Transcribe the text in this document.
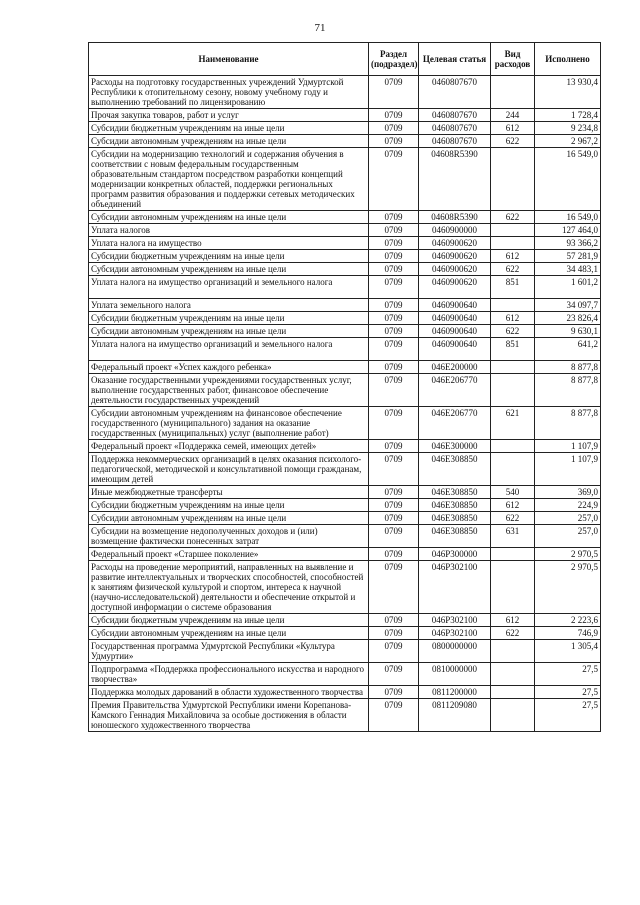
71
Наименование	Раздел (подраздел)	Целевая статья	Вид расходов	Исполнено
Расходы на подготовку государственных учреждений Удмуртской Республики к отопительному сезону, новому учебному году и выполнению требований по лицензированию	0709	0460807670		13 930,4
Прочая закупка товаров, работ и услуг	0709	0460807670	244	1 728,4
Субсидии бюджетным учреждениям на иные цели	0709	0460807670	612	9 234,8
Субсидии автономным учреждениям на иные цели	0709	0460807670	622	2 967,2
Субсидии на модернизацию технологий и содержания обучения в соответствии с новым федеральным государственным образовательным стандартом посредством разработки концепций модернизации конкретных областей, поддержки региональных программ развития образования и поддержки сетевых методических объединений	0709	04608R5390		16 549,0
Субсидии автономным учреждениям на иные цели	0709	04608R5390	622	16 549,0
Уплата налогов	0709	0460900000		127 464,0
Уплата налога на имущество	0709	0460900620		93 366,2
Субсидии бюджетным учреждениям на иные цели	0709	0460900620	612	57 281,9
Субсидии автономным учреждениям на иные цели	0709	0460900620	622	34 483,1
Уплата налога на имущество организаций и земельного налога	0709	0460900620	851	1 601,2
Уплата земельного налога	0709	0460900640		34 097,7
Субсидии бюджетным учреждениям на иные цели	0709	0460900640	612	23 826,4
Субсидии автономным учреждениям на иные цели	0709	0460900640	622	9 630,1
Уплата налога на имущество организаций и земельного налога	0709	0460900640	851	641,2
Федеральный проект «Успех каждого ребенка»	0709	046E200000		8 877,8
Оказание государственными учреждениями государственных услуг, выполнение государственных работ, финансовое обеспечение деятельности государственных учреждений	0709	046E206770		8 877,8
Субсидии автономным учреждениям на финансовое обеспечение государственного (муниципального) задания на оказание государственных (муниципальных) услуг (выполнение работ)	0709	046E206770	621	8 877,8
Федеральный проект «Поддержка семей, имеющих детей»	0709	046E300000		1 107,9
Поддержка некоммерческих организаций в целях оказания психолого-педагогической, методической и консультативной помощи гражданам, имеющим детей	0709	046E308850		1 107,9
Иные межбюджетные трансферты	0709	046E308850	540	369,0
Субсидии бюджетным учреждениям на иные цели	0709	046E308850	612	224,9
Субсидии автономным учреждениям на иные цели	0709	046E308850	622	257,0
Субсидии на возмещение недополученных доходов и (или) возмещение фактически понесенных затрат	0709	046E308850	631	257,0
Федеральный проект «Старшее поколение»	0709	046P300000		2 970,5
Расходы на проведение мероприятий, направленных на выявление и развитие интеллектуальных и творческих способностей, способностей к занятиям физической культурой и спортом, интереса к научной (научно-исследовательской) деятельности и обеспечение открытой и доступной информации о системе образования	0709	046P302100		2 970,5
Субсидии бюджетным учреждениям на иные цели	0709	046P302100	612	2 223,6
Субсидии автономным учреждениям на иные цели	0709	046P302100	622	746,9
Государственная программа Удмуртской Республики «Культура Удмуртии»	0709	0800000000		1 305,4
Подпрограмма «Поддержка профессионального искусства и народного творчества»	0709	0810000000		27,5
Поддержка молодых дарований в области художественного творчества	0709	0811200000		27,5
Премия Правительства Удмуртской Республики имени Корепанова-Камского Геннадия Михайловича за особые достижения в области юношеского художественного творчества	0709	0811209080		27,5
